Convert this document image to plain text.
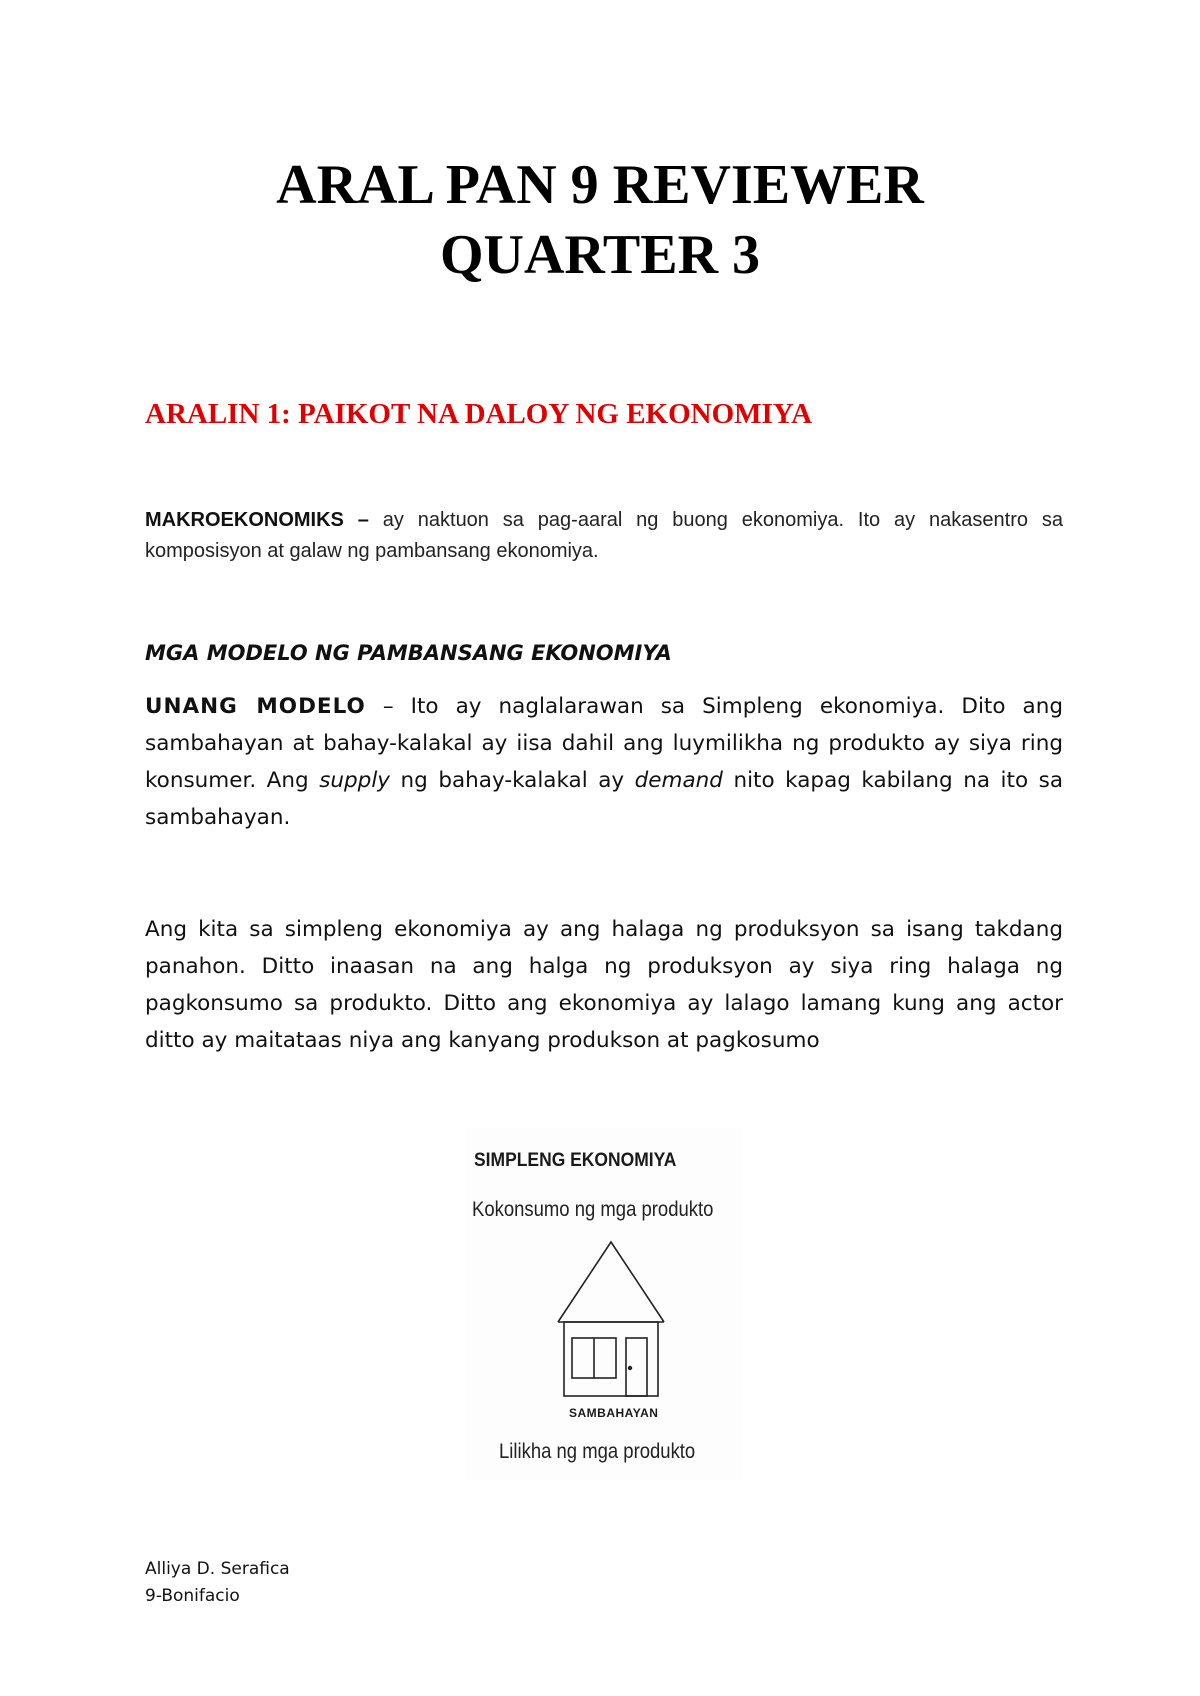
ARAL PAN 9 REVIEWER
QUARTER 3
ARALIN 1: PAIKOT NA DALOY NG EKONOMIYA
MAKROEKONOMIKS – ay naktuon sa pag-aaral ng buong ekonomiya. Ito ay nakasentro sa komposisyon at galaw ng pambansang ekonomiya.
MGA MODELO NG PAMBANSANG EKONOMIYA
UNANG MODELO – Ito ay naglalarawan sa Simpleng ekonomiya. Dito ang sambahayan at bahay-kalakal ay iisa dahil ang luymilikha ng produkto ay siya ring konsumer. Ang supply ng bahay-kalakal ay demand nito kapag kabilang na ito sa sambahayan.
Ang kita sa simpleng ekonomiya ay ang halaga ng produksyon sa isang takdang panahon. Ditto inaasan na ang halga ng produksyon ay siya ring halaga ng pagkonsumo sa produkto. Ditto ang ekonomiya ay lalago lamang kung ang actor ditto ay maitataas niya ang kanyang produkson at pagkosumo
SIMPLENG EKONOMIYA
Kokonsumo ng mga produkto
SAMBAHAYAN
Lilikha ng mga produkto
Alliya D. Serafica
9-Bonifacio
